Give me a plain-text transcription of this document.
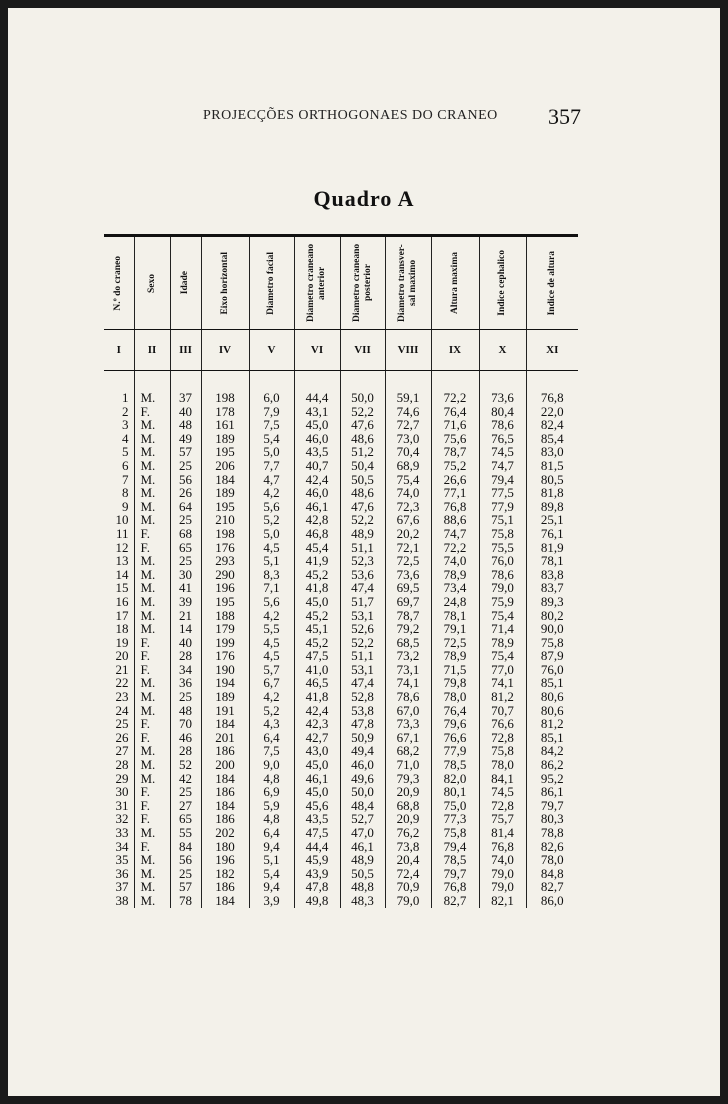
PROJECÇÕES ORTHOGONAES DO CRANEO 357
Quadro A
N.º do craneo	Sexo	Idade	Eixo horizontal	Diametro facial	Diametro craneano anterior	Diametro craneano posterior	Diametro transver-sal maximo	Altura maxima	Indice cephalico	Indice de altura

I	II	III	IV	V	VI	VII	VIII	IX	X	XI

1	M.	37	198	6,0	44,4	50,0	59,1	72,2	73,6	76,8
2	F.	40	178	7,9	43,1	52,2	74,6	76,4	80,4	22,0
3	M.	48	161	7,5	45,0	47,6	72,7	71,6	78,6	82,4
4	M.	49	189	5,4	46,0	48,6	73,0	75,6	76,5	85,4
5	M.	57	195	5,0	43,5	51,2	70,4	78,7	74,5	83,0
6	M.	25	206	7,7	40,7	50,4	68,9	75,2	74,7	81,5
7	M.	56	184	4,7	42,4	50,5	75,4	26,6	79,4	80,5
8	M.	26	189	4,2	46,0	48,6	74,0	77,1	77,5	81,8
9	M.	64	195	5,6	46,1	47,6	72,3	76,8	77,9	89,8
10	M.	25	210	5,2	42,8	52,2	67,6	88,6	75,1	25,1
11	F.	68	198	5,0	46,8	48,9	20,2	74,7	75,8	76,1
12	F.	65	176	4,5	45,4	51,1	72,1	72,2	75,5	81,9
13	M.	25	293	5,1	41,9	52,3	72,5	74,0	76,0	78,1
14	M.	30	290	8,3	45,2	53,6	73,6	78,9	78,6	83,8
15	M.	41	196	7,1	41,8	47,4	69,5	73,4	79,0	83,7
16	M.	39	195	5,6	45,0	51,7	69,7	24,8	75,9	89,3
17	M.	21	188	4,2	45,2	53,1	78,7	78,1	75,4	80,2
18	M.	14	179	5,5	45,1	52,6	79,2	79,1	71,4	90,0
19	F.	40	199	4,5	45,2	52,2	68,5	72,5	78,9	75,8
20	F.	28	176	4,5	47,5	51,1	73,2	78,9	75,4	87,9
21	F.	34	190	5,7	41,0	53,1	73,1	71,5	77,0	76,0
22	M.	36	194	6,7	46,5	47,4	74,1	79,8	74,1	85,1
23	M.	25	189	4,2	41,8	52,8	78,6	78,0	81,2	80,6
24	M.	48	191	5,2	42,4	53,8	67,0	76,4	70,7	80,6
25	F.	70	184	4,3	42,3	47,8	73,3	79,6	76,6	81,2
26	F.	46	201	6,4	42,7	50,9	67,1	76,6	72,8	85,1
27	M.	28	186	7,5	43,0	49,4	68,2	77,9	75,8	84,2
28	M.	52	200	9,0	45,0	46,0	71,0	78,5	78,0	86,2
29	M.	42	184	4,8	46,1	49,6	79,3	82,0	84,1	95,2
30	F.	25	186	6,9	45,0	50,0	20,9	80,1	74,5	86,1
31	F.	27	184	5,9	45,6	48,4	68,8	75,0	72,8	79,7
32	F.	65	186	4,8	43,5	52,7	20,9	77,3	75,7	80,3
33	M.	55	202	6,4	47,5	47,0	76,2	75,8	81,4	78,8
34	F.	84	180	9,4	44,4	46,1	73,8	79,4	76,8	82,6
35	M.	56	196	5,1	45,9	48,9	20,4	78,5	74,0	78,0
36	M.	25	182	5,4	43,9	50,5	72,4	79,7	79,0	84,8
37	M.	57	186	9,4	47,8	48,8	70,9	76,8	79,0	82,7
38	M.	78	184	3,9	49,8	48,3	79,0	82,7	82,1	86,0
